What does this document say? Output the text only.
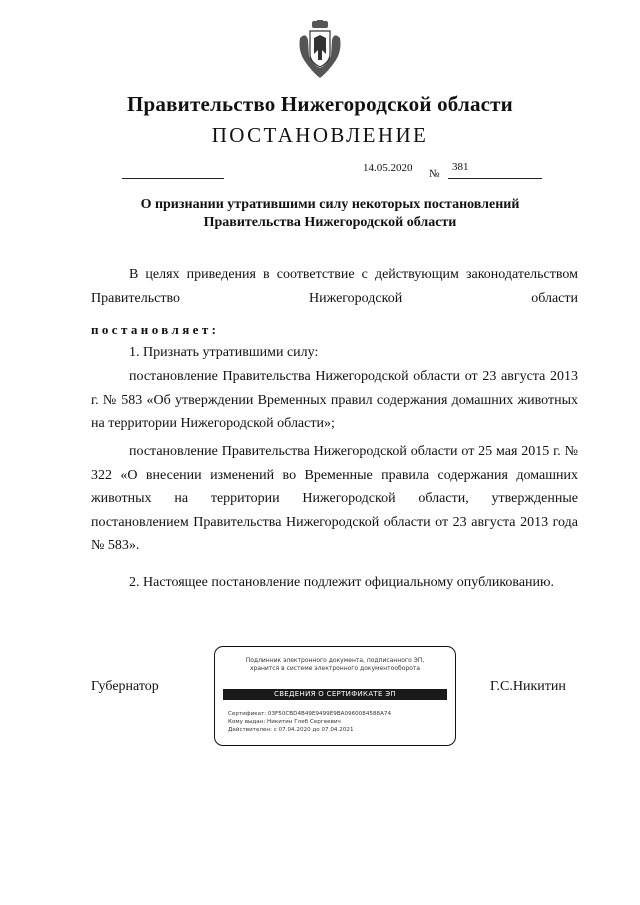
Правительство Нижегородской области
ПОСТАНОВЛЕНИЕ
14.05.2020 №
381
О признании утратившими силу некоторых постановлений
Правительства Нижегородской области
В целях приведения в соответствие с действующим законодательством Правительство Нижегородской области
постановляет:
1. Признать утратившими силу:
постановление Правительства Нижегородской области от 23 августа 2013 г. № 583 «Об утверждении Временных правил содержания домашних животных на территории Нижегородской области»;
постановление Правительства Нижегородской области от 25 мая 2015 г. № 322 «О внесении изменений во Временные правила содержания домашних животных на территории Нижегородской области, утвержденные постановлением Правительства Нижегородской области от 23 августа 2013 года № 583».
2. Настоящее постановление подлежит официальному опубликованию.
Губернатор
Подлинник электронного документа, подписанного ЭП,
хранится в системе электронного документооборота
СВЕДЕНИЯ О СЕРТИФИКАТЕ ЭП
Сертификат: 03F50CBD4B49E9499E9BA0960084588A74
Кому выдан: Никитин Глеб Сергеевич
Действителен: с 07.04.2020 до 07.04.2021
Г.С.Никитин
